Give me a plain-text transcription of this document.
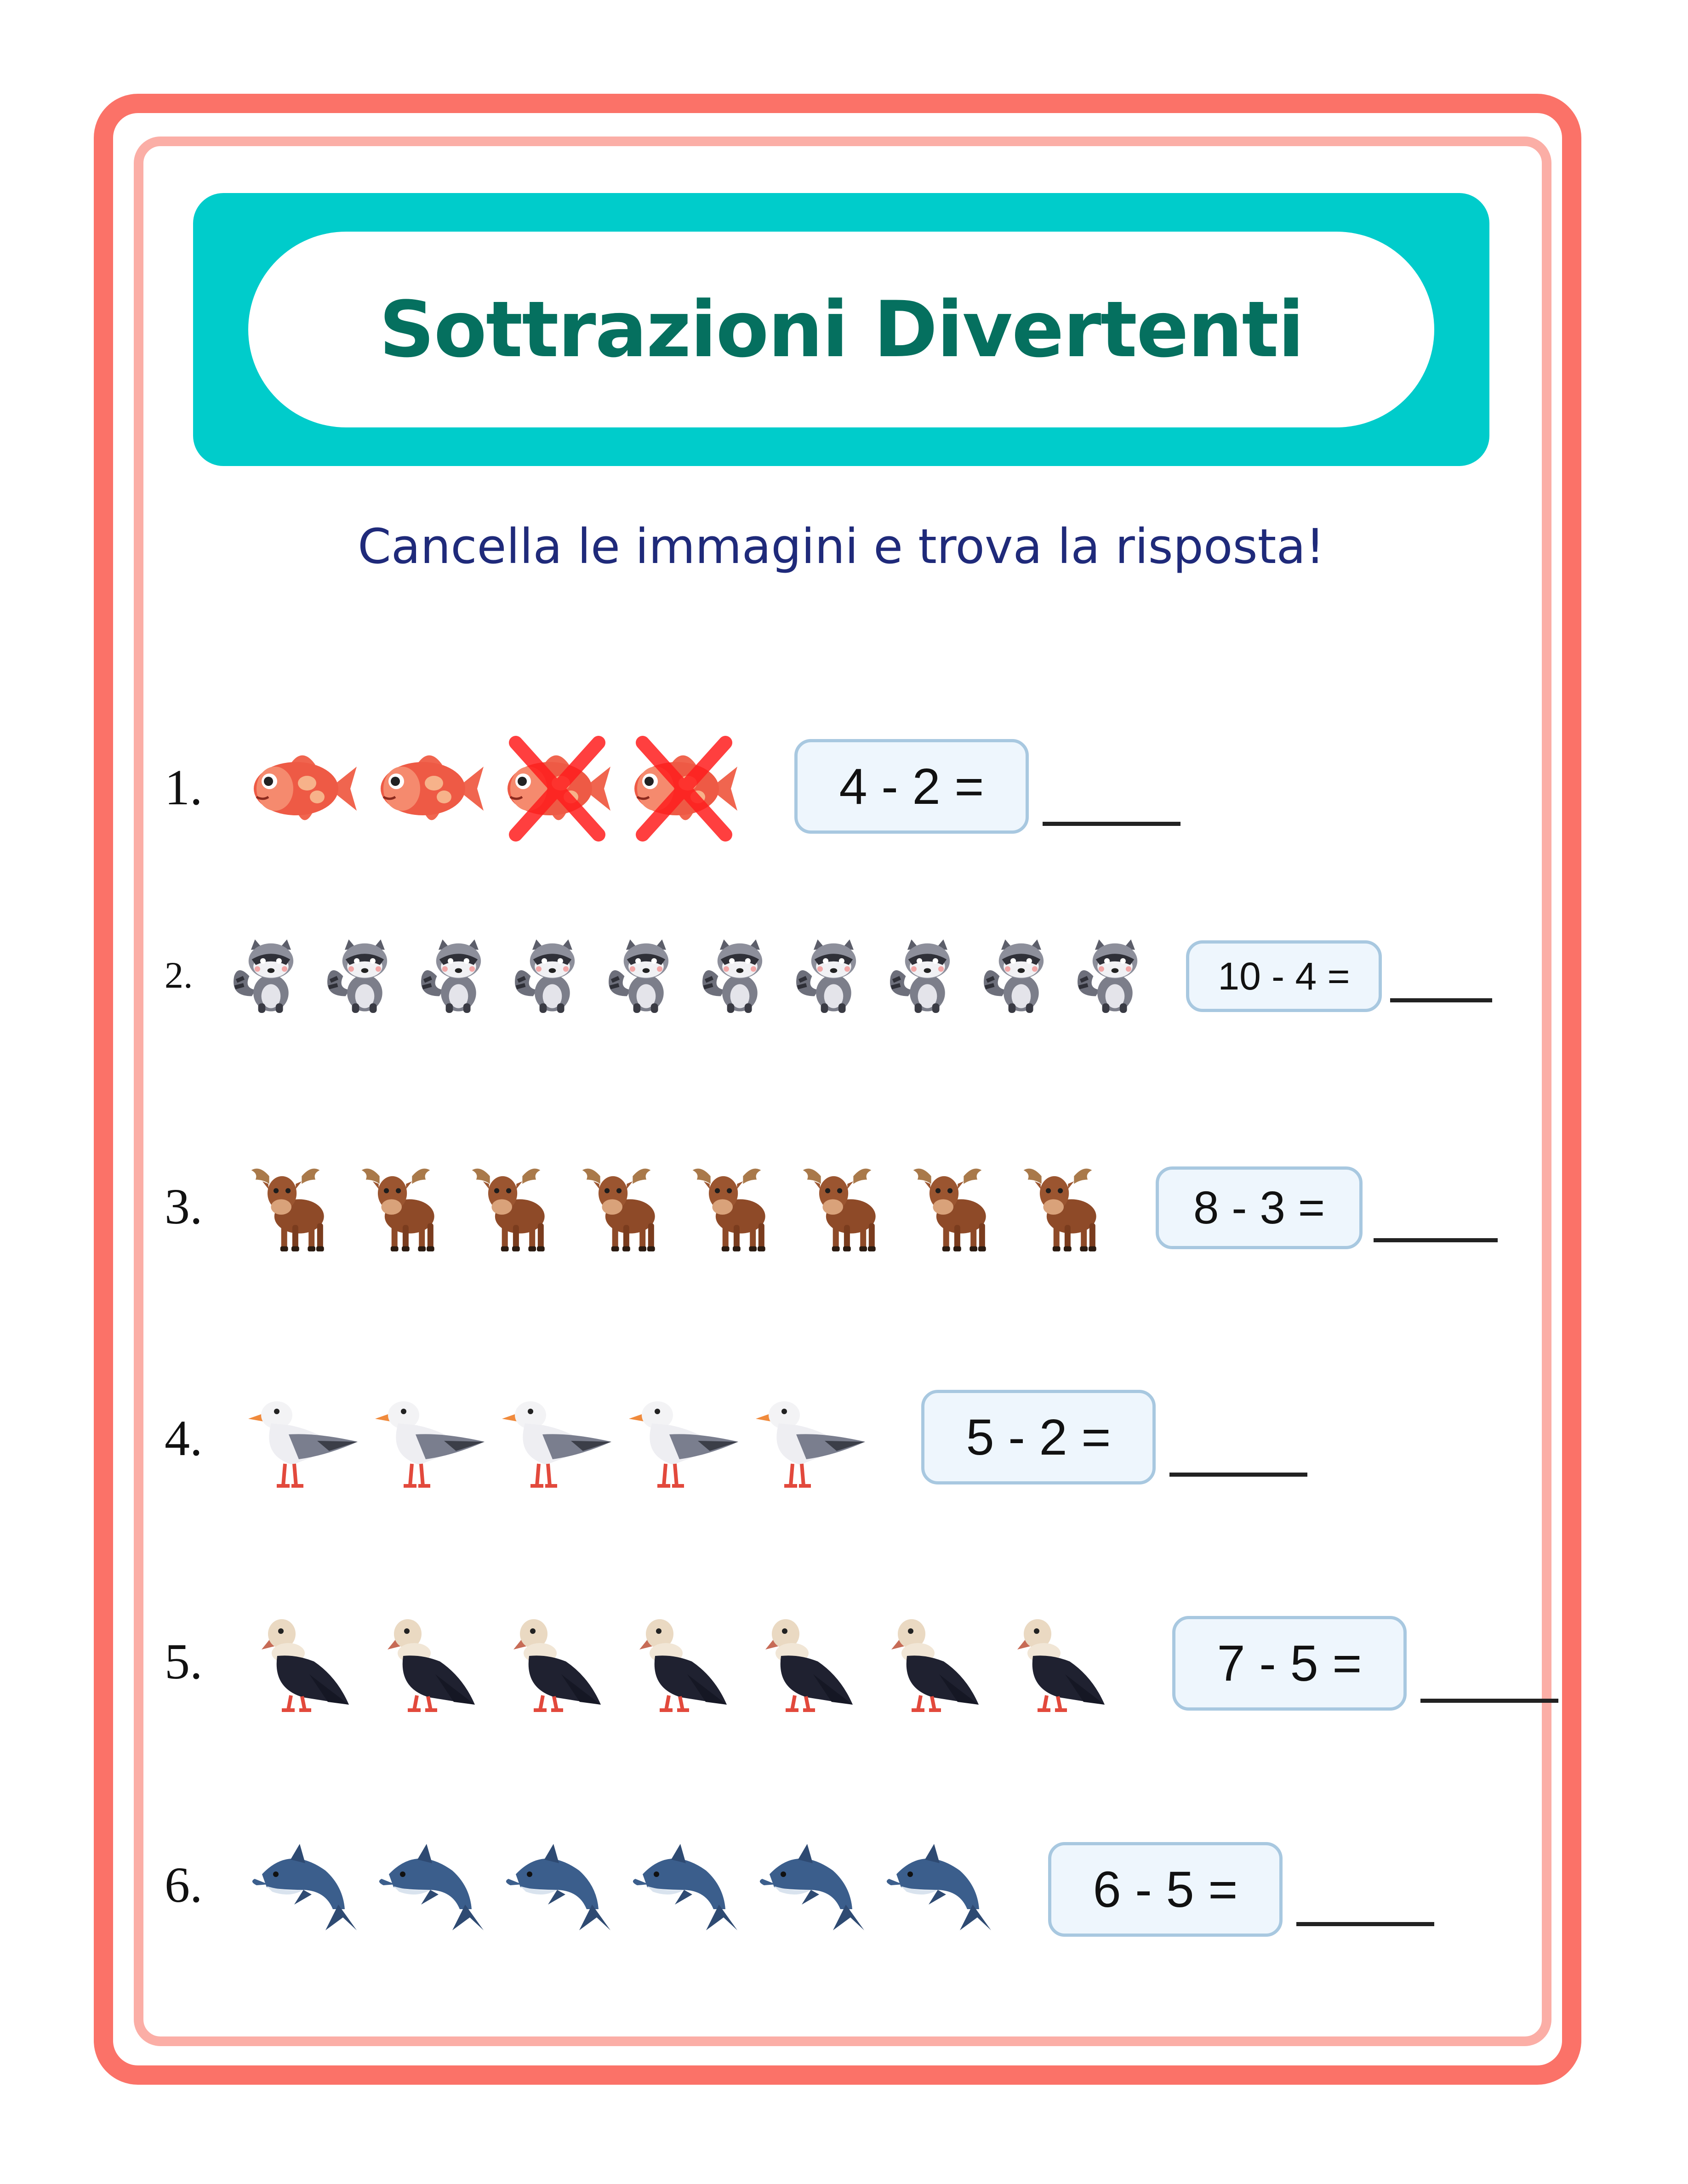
Sottrazioni Divertenti
Cancella le immagini e trova la risposta!
1.	4 - 2 =
2.	10 - 4 =
3.	8 - 3 =
4.	5 - 2 =
5.	7 - 5 =
6.	6 - 5 =
